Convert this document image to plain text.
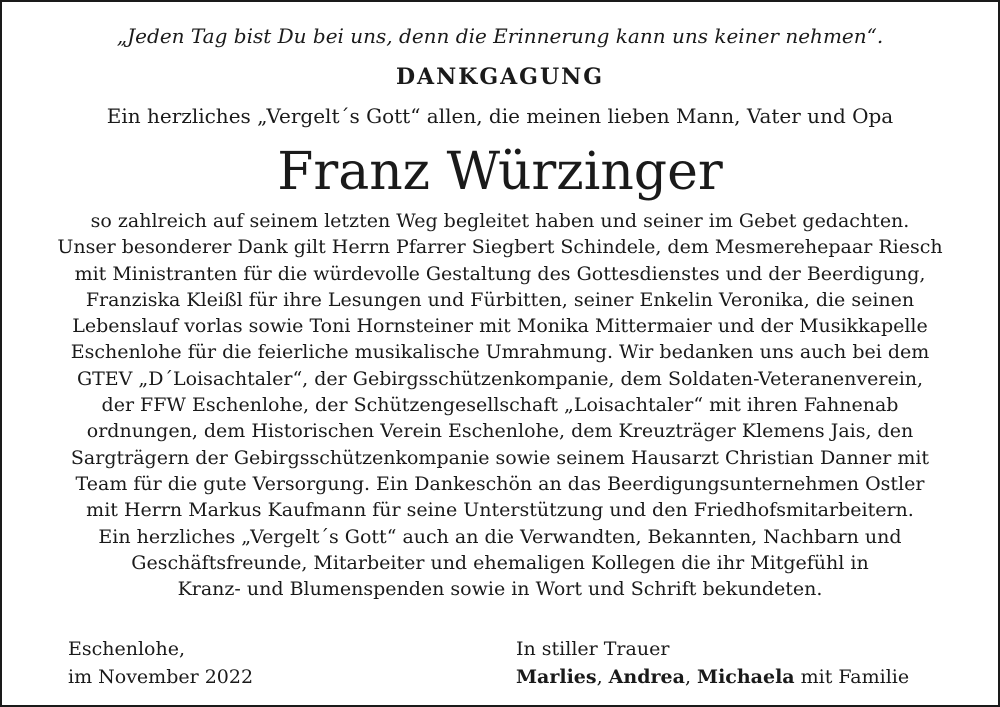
„Jeden Tag bist Du bei uns, denn die Erinnerung kann uns keiner nehmen“.
DANKGAGUNG
Ein herzliches „Vergelt´s Gott“ allen, die meinen lieben Mann, Vater und Opa
Franz Würzinger
so zahlreich auf seinem letzten Weg begleitet haben und seiner im Gebet gedachten.
Unser besonderer Dank gilt Herrn Pfarrer Siegbert Schindele, dem Mesmerehepaar Riesch
mit Ministranten für die würdevolle Gestaltung des Gottesdienstes und der Beerdigung,
Franziska Kleißl für ihre Lesungen und Fürbitten, seiner Enkelin Veronika, die seinen
Lebenslauf vorlas sowie Toni Hornsteiner mit Monika Mittermaier und der Musikkapelle
Eschenlohe für die feierliche musikalische Umrahmung. Wir bedanken uns auch bei dem
GTEV „D´Loisachtaler“, der Gebirgsschützenkompanie, dem Soldaten-Veteranenverein,
der FFW Eschenlohe, der Schützengesellschaft „Loisachtaler“ mit ihren Fahnenab
ordnungen, dem Historischen Verein Eschenlohe, dem Kreuzträger Klemens Jais, den
Sargträgern der Gebirgsschützenkompanie sowie seinem Hausarzt Christian Danner mit
Team für die gute Versorgung. Ein Dankeschön an das Beerdigungsunternehmen Ostler
mit Herrn Markus Kaufmann für seine Unterstützung und den Friedhofsmitarbeitern.
Ein herzliches „Vergelt´s Gott“ auch an die Verwandten, Bekannten, Nachbarn und
Geschäftsfreunde, Mitarbeiter und ehemaligen Kollegen die ihr Mitgefühl in
Kranz- und Blumenspenden sowie in Wort und Schrift bekundeten.
Eschenlohe,
im November 2022
In stiller Trauer
Marlies, Andrea, Michaela mit Familie
